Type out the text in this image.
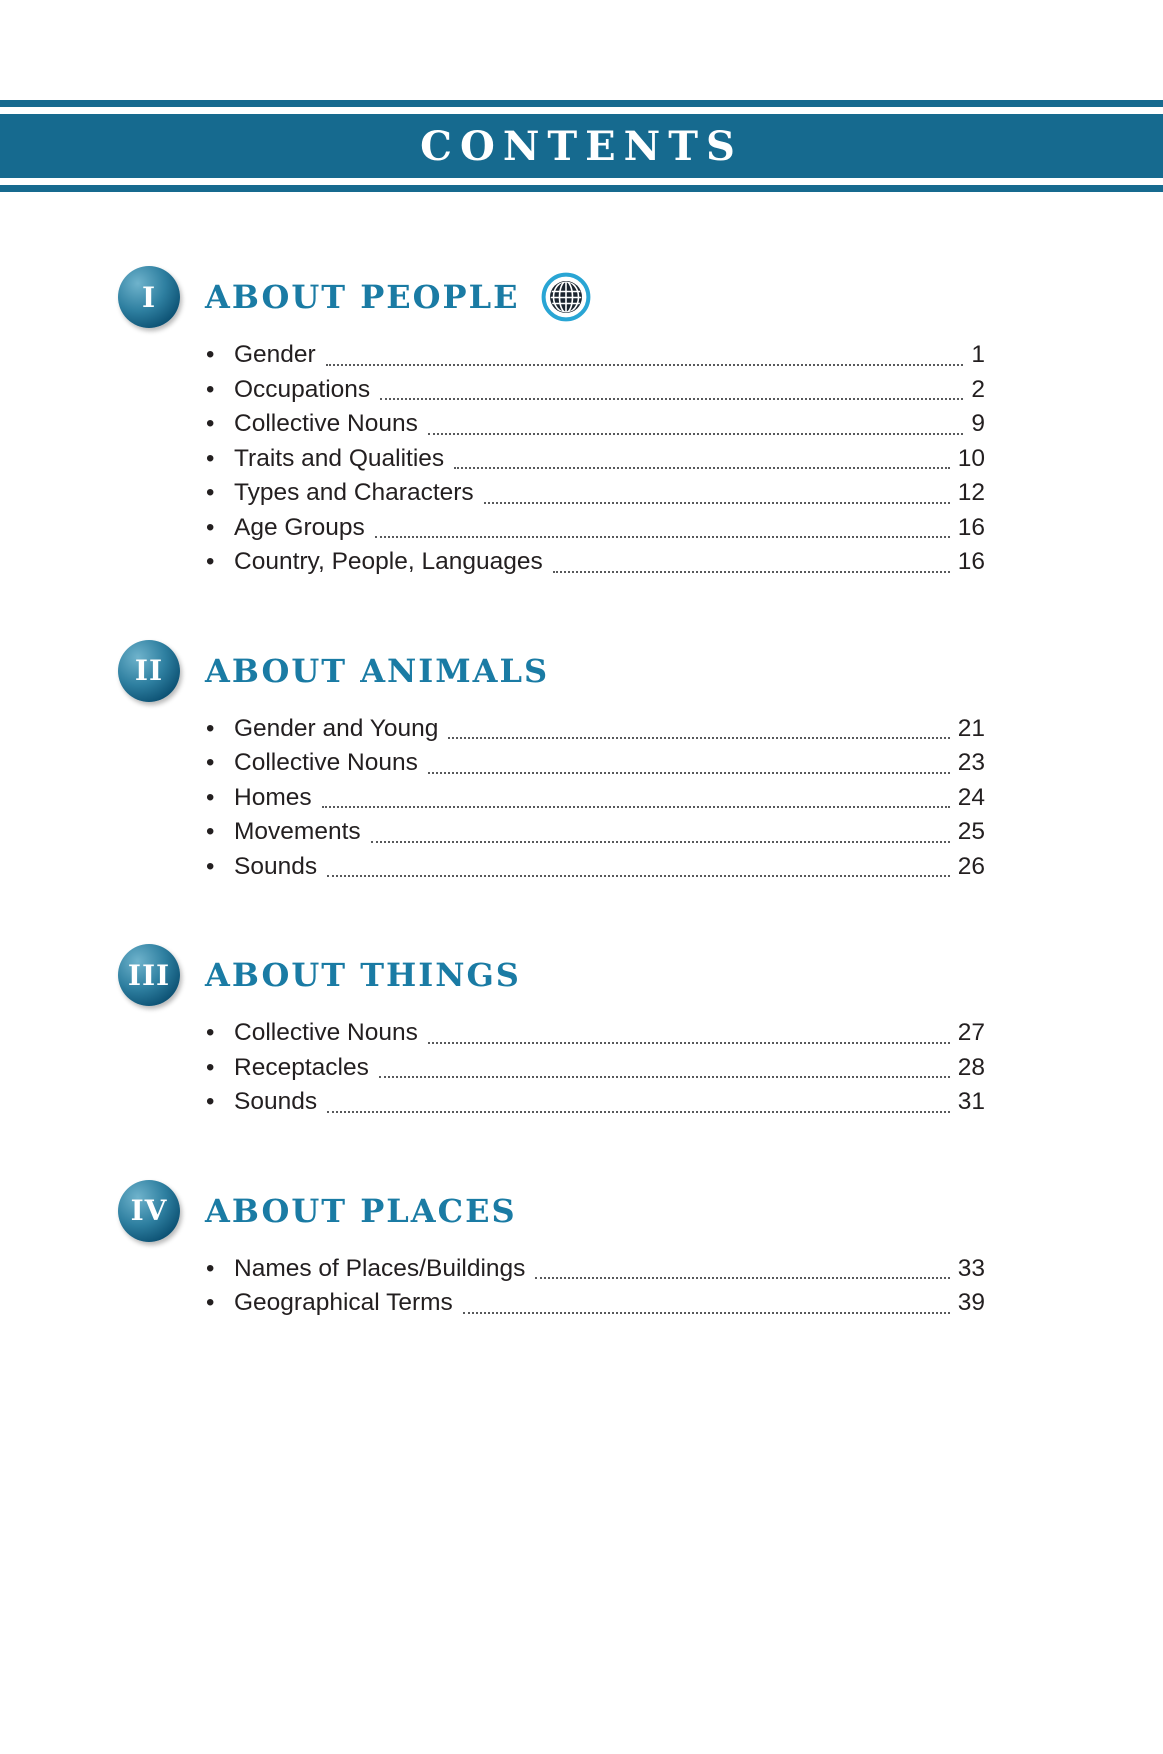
CONTENTS
I ABOUT PEOPLE
• Gender	1
• Occupations	2
• Collective Nouns	9
• Traits and Qualities	10
• Types and Characters	12
• Age Groups	16
• Country, People, Languages	16
II ABOUT ANIMALS
• Gender and Young	21
• Collective Nouns	23
• Homes	24
• Movements	25
• Sounds	26
III ABOUT THINGS
• Collective Nouns	27
• Receptacles	28
• Sounds	31
IV ABOUT PLACES
• Names of Places/Buildings	33
• Geographical Terms	39
